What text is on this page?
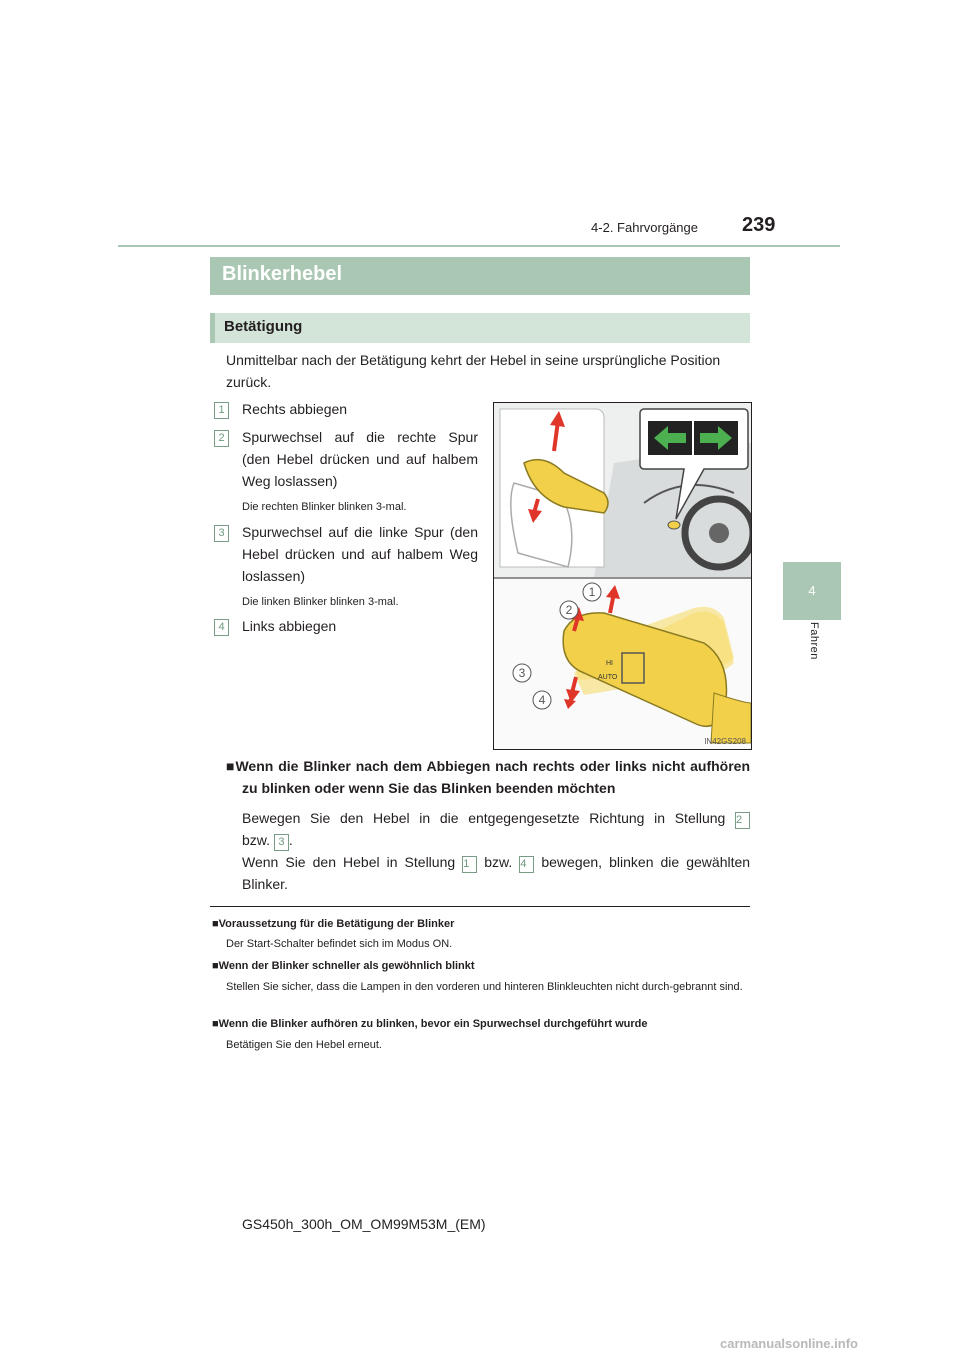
4-2. Fahrvorgänge 239
4
Fahren
Blinkerhebel
Betätigung
Unmittelbar nach der Betätigung kehrt der Hebel in seine ursprüngliche Position zurück.
1	Rechts abbiegen
2	Spurwechsel auf die rechte Spur
(den Hebel drücken und auf halbem
Weg loslassen)
Die rechten Blinker blinken 3-mal.
3	Spurwechsel auf die linke Spur (den
Hebel drücken und auf halbem Weg
loslassen)
Die linken Blinker blinken 3-mal.
4	Links abbiegen
HI
AUTO
1
2
3
4
IN42GS208
■Wenn die Blinker nach dem Abbiegen nach rechts oder links nicht aufhören
zu blinken oder wenn Sie das Blinken beenden möchten
Bewegen Sie den Hebel in die entgegengesetzte Richtung in Stellung 2
bzw. 3 .
Wenn Sie den Hebel in Stellung 1 bzw. 4 bewegen, blinken die gewählten
Blinker.
■Voraussetzung für die Betätigung der Blinker
Der Start-Schalter befindet sich im Modus ON.
■Wenn der Blinker schneller als gewöhnlich blinkt
Stellen Sie sicher, dass die Lampen in den vorderen und hinteren Blinkleuchten nicht durch-gebrannt sind.
■Wenn die Blinker aufhören zu blinken, bevor ein Spurwechsel durchgeführt wurde
Betätigen Sie den Hebel erneut.
GS450h_300h_OM_OM99M53M_(EM)
carmanualsonline.info
